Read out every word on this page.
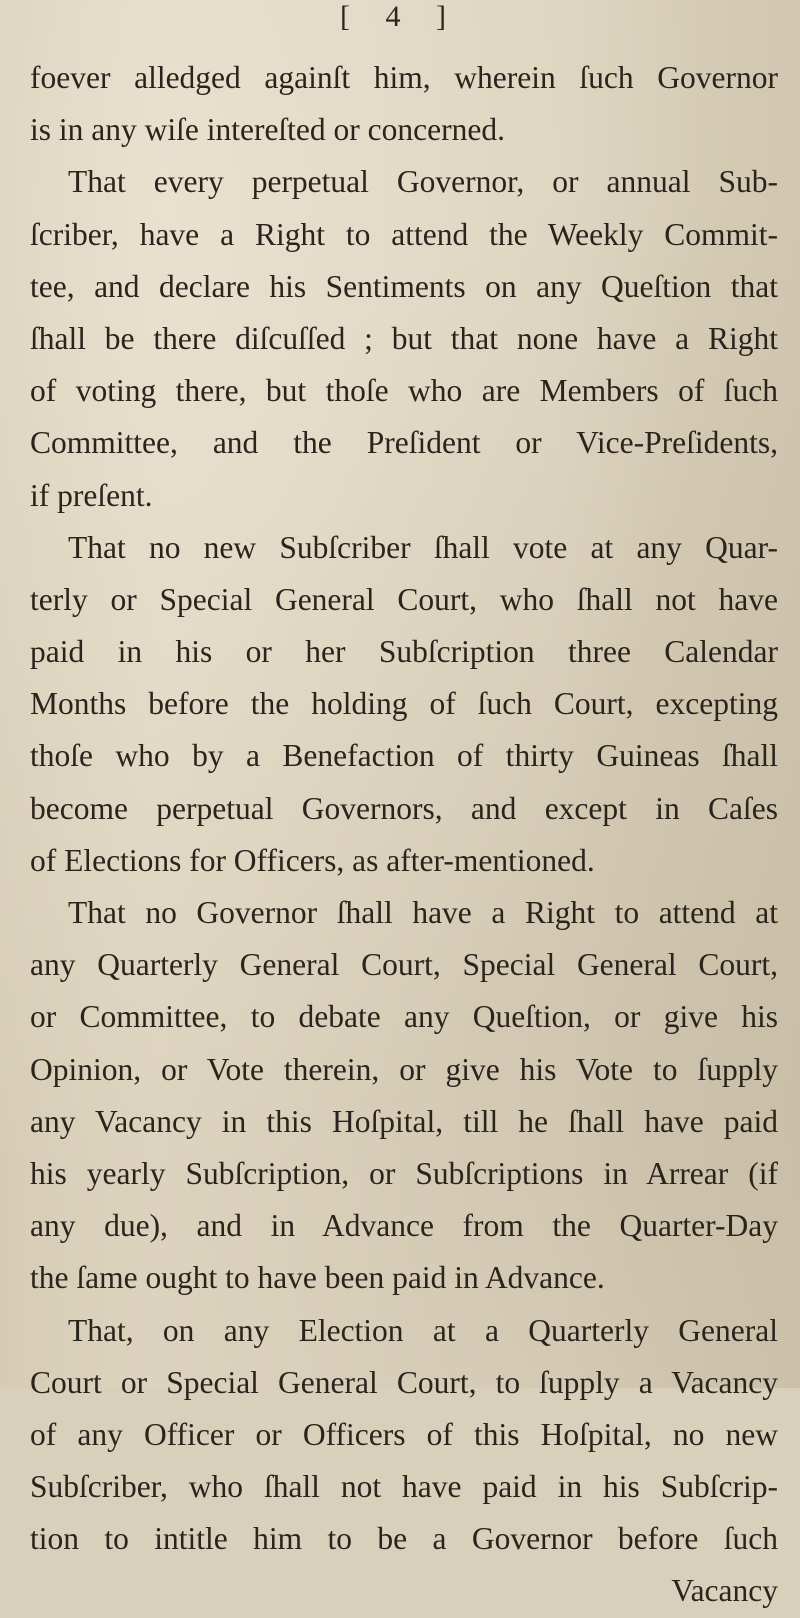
[ 4 ]
foever alledged againſt him, wherein ſuch Governor
is in any wiſe intereſted or concerned.
That every perpetual Governor, or annual Sub-
ſcriber, have a Right to attend the Weekly Commit-
tee, and declare his Sentiments on any Queſtion that
ſhall be there diſcuſſed ; but that none have a Right
of voting there, but thoſe who are Members of ſuch
Committee, and the Preſident or Vice-Preſidents,
if preſent.
That no new Subſcriber ſhall vote at any Quar-
terly or Special General Court, who ſhall not have
paid in his or her Subſcription three Calendar
Months before the holding of ſuch Court, excepting
thoſe who by a Benefaction of thirty Guineas ſhall
become perpetual Governors, and except in Caſes
of Elections for Officers, as after-mentioned.
That no Governor ſhall have a Right to attend at
any Quarterly General Court, Special General Court,
or Committee, to debate any Queſtion, or give his
Opinion, or Vote therein, or give his Vote to ſupply
any Vacancy in this Hoſpital, till he ſhall have paid
his yearly Subſcription, or Subſcriptions in Arrear (if
any due), and in Advance from the Quarter-Day
the ſame ought to have been paid in Advance.
That, on any Election at a Quarterly General
Court or Special General Court, to ſupply a Vacancy
of any Officer or Officers of this Hoſpital, no new
Subſcriber, who ſhall not have paid in his Subſcrip-
tion to intitle him to be a Governor before ſuch
Vacancy
